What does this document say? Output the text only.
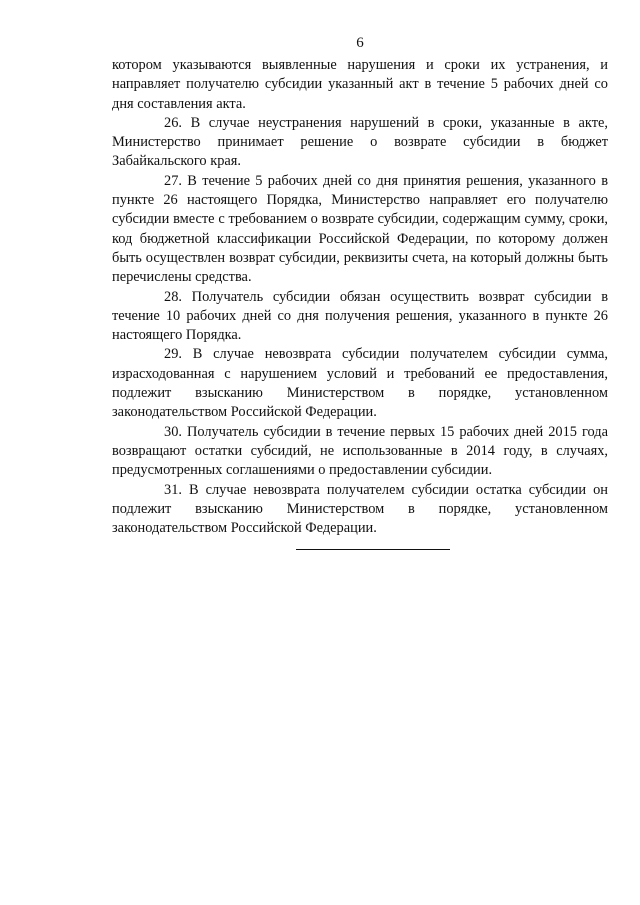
6

котором указываются выявленные нарушения и сроки их устранения, и направляет получателю субсидии указанный акт в течение 5 рабочих дней со дня составления акта.

26. В случае неустранения нарушений в сроки, указанные в акте, Министерство принимает решение о возврате субсидии в бюджет Забайкальского края.

27. В течение 5 рабочих дней со дня принятия решения, указанного в пункте 26 настоящего Порядка, Министерство направляет его получателю субсидии вместе с требованием о возврате субсидии, содержащим сумму, сроки, код бюджетной классификации Российской Федерации, по которому должен быть осуществлен возврат субсидии, реквизиты счета, на который должны быть перечислены средства.

28. Получатель субсидии обязан осуществить возврат субсидии в течение 10 рабочих дней со дня получения решения, указанного в пункте 26 настоящего Порядка.

29. В случае невозврата субсидии получателем субсидии сумма, израсходованная с нарушением условий и требований ее предоставления, подлежит взысканию Министерством в порядке, установленном законодательством Российской Федерации.

30. Получатель субсидии в течение первых 15 рабочих дней 2015 года возвращают остатки субсидий, не использованные в 2014 году, в случаях, предусмотренных соглашениями о предоставлении субсидии.

31. В случае невозврата получателем субсидии остатка субсидии он подлежит взысканию Министерством в порядке, установленном законодательством Российской Федерации.
